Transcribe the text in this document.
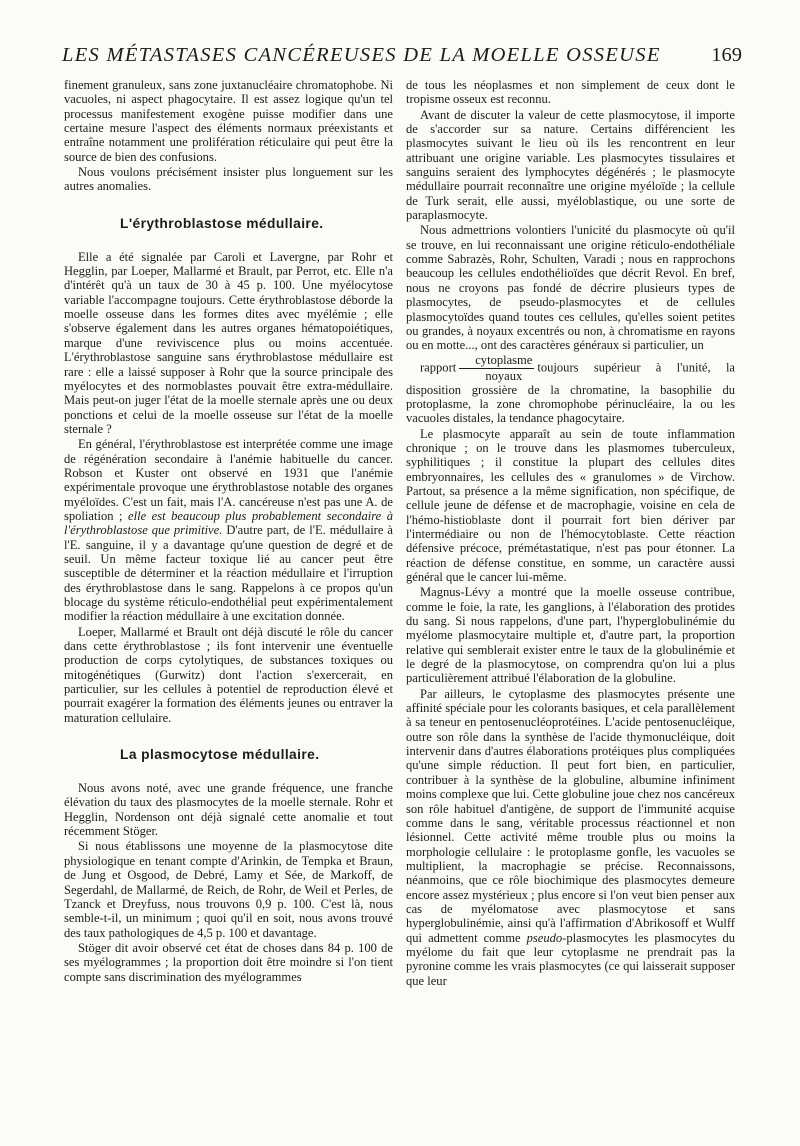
LES MÉTASTASES CANCÉREUSES DE LA MOELLE OSSEUSE 169

finement granuleux, sans zone juxtanucléaire chromatophobe. Ni vacuoles, ni aspect phagocytaire. Il est assez logique qu'un tel processus manifestement exogène puisse modifier dans une certaine mesure l'aspect des éléments normaux préexistants et entraîne notamment une prolifération réticulaire qui peut être la source de bien des confusions.

Nous voulons précisément insister plus longuement sur les autres anomalies.

L'érythroblastose médullaire.

Elle a été signalée par Caroli et Lavergne, par Rohr et Hegglin, par Loeper, Mallarmé et Brault, par Perrot, etc. Elle n'a d'intérêt qu'à un taux de 30 à 45 p. 100. Une myélocytose variable l'accompagne toujours. Cette érythroblastose déborde la moelle osseuse dans les formes dites avec myélémie ; elle s'observe également dans les autres organes hématopoiétiques, marque d'une reviviscence plus ou moins accentuée. L'érythroblastose sanguine sans érythroblastose médullaire est rare : elle a laissé supposer à Rohr que la source principale des myélocytes et des normoblastes pouvait être extra-médullaire. Mais peut-on juger l'état de la moelle sternale après une ou deux ponctions et celui de la moelle osseuse sur l'état de la moelle sternale ?

En général, l'érythroblastose est interprétée comme une image de régénération secondaire à l'anémie habituelle du cancer. Robson et Kuster ont observé en 1931 que l'anémie expérimentale provoque une érythroblastose notable des organes myéloïdes. C'est un fait, mais l'A. cancéreuse n'est pas une A. de spoliation ; elle est beaucoup plus probablement secondaire à l'érythroblastose que primitive. D'autre part, de l'E. médullaire à l'E. sanguine, il y a davantage qu'une question de degré et de seuil. Un même facteur toxique lié au cancer peut être susceptible de déterminer et la réaction médullaire et l'irruption des érythroblastose dans le sang. Rappelons à ce propos qu'un blocage du système réticulo-endothélial peut expérimentalement modifier la réaction médullaire à une excitation donnée.

Loeper, Mallarmé et Brault ont déjà discuté le rôle du cancer dans cette érythroblastose ; ils font intervenir une éventuelle production de corps cytolytiques, de substances toxiques ou mitogénétiques (Gurwitz) dont l'action s'exercerait, en particulier, sur les cellules à potentiel de reproduction élevé et pourrait exagérer la formation des éléments jeunes ou entraver la maturation cellulaire.

La plasmocytose médullaire.

Nous avons noté, avec une grande fréquence, une franche élévation du taux des plasmocytes de la moelle sternale. Rohr et Hegglin, Nordenson ont déjà signalé cette anomalie et tout récemment Stöger.

Si nous établissons une moyenne de la plasmocytose dite physiologique en tenant compte d'Arinkin, de Tempka et Braun, de Jung et Osgood, de Debré, Lamy et Sée, de Markoff, de Segerdahl, de Mallarmé, de Reich, de Rohr, de Weil et Perles, de Tzanck et Dreyfuss, nous trouvons 0,9 p. 100. C'est là, nous semble-t-il, un minimum ; quoi qu'il en soit, nous avons trouvé des taux pathologiques de 4,5 p. 100 et davantage.

Stöger dit avoir observé cet état de choses dans 84 p. 100 de ses myélogrammes ; la proportion doit être moindre si l'on tient compte sans discrimination des myélogrammes

de tous les néoplasmes et non simplement de ceux dont le tropisme osseux est reconnu.

Avant de discuter la valeur de cette plasmocytose, il importe de s'accorder sur sa nature. Certains différencient les plasmocytes suivant le lieu où ils les rencontrent en leur attribuant une origine variable. Les plasmocytes tissulaires et sanguins seraient des lymphocytes dégénérés ; le plasmocyte médullaire pourrait reconnaître une origine myéloïde ; la cellule de Turk serait, elle aussi, myéloblastique, ou une sorte de paraplasmocyte.

Nous admettrions volontiers l'unicité du plasmocyte où qu'il se trouve, en lui reconnaissant une origine réticulo-endothéliale comme Sabrazès, Rohr, Schulten, Varadi ; nous en rapprochons beaucoup les cellules endothélioïdes que décrit Revol. En bref, nous ne croyons pas fondé de décrire plusieurs types de plasmocytes, de pseudo-plasmocytes et de cellules plasmocytoïdes quand toutes ces cellules, qu'elles soient petites ou grandes, à noyaux excentrés ou non, à chromatisme en rayons ou en motte..., ont des caractères généraux si particulier, un

rapport $\frac{\text{cytoplasme}}{\text{noyaux}}$ toujours supérieur à l'unité, la disposition grossière de la chromatine, la basophilie du protoplasme, la zone chromophobe périnucléaire, la ou les vacuoles distales, la tendance phagocytaire.

Le plasmocyte apparaît au sein de toute inflammation chronique ; on le trouve dans les plasmomes tuberculeux, syphilitiques ; il constitue la plupart des cellules dites embryonnaires, les cellules des « granulomes » de Virchow. Partout, sa présence a la même signification, non spécifique, de cellule jeune de défense et de macrophagie, voisine en cela de l'hémo-histioblaste dont il pourrait fort bien dériver par l'intermédiaire ou non de l'hémocytoblaste. Cette réaction défensive précoce, prémétastatique, n'est pas pour étonner. La réaction de défense constitue, en somme, un caractère aussi général que le cancer lui-même.

Magnus-Lévy a montré que la moelle osseuse contribue, comme le foie, la rate, les ganglions, à l'élaboration des protides du sang. Si nous rappelons, d'une part, l'hyperglobulinémie du myélome plasmocytaire multiple et, d'autre part, la proportion relative qui semblerait exister entre le taux de la globulinémie et le degré de la plasmocytose, on comprendra qu'on lui a plus particulièrement attribué l'élaboration de la globuline.

Par ailleurs, le cytoplasme des plasmocytes présente une affinité spéciale pour les colorants basiques, et cela parallèlement à sa teneur en pentosenucléoprotéines. L'acide pentosenucléique, outre son rôle dans la synthèse de l'acide thymonucléique, doit intervenir dans d'autres élaborations protéiques plus compliquées qu'une simple réduction. Il peut fort bien, en particulier, contribuer à la synthèse de la globuline, albumine infiniment moins complexe que lui. Cette globuline joue chez nos cancéreux son rôle habituel d'antigène, de support de l'immunité acquise comme dans le sang, véritable processus réactionnel et non lésionnel. Cette activité même trouble plus ou moins la morphologie cellulaire : le protoplasme gonfle, les vacuoles se multiplient, la macrophagie se précise. Reconnaissons, néanmoins, que ce rôle biochimique des plasmocytes demeure encore assez mystérieux ; plus encore si l'on veut bien penser aux cas de myélomatose avec plasmocytose et sans hyperglobulinémie, ainsi qu'à l'affirmation d'Abrikosoff et Wulff qui admettent comme pseudo-plasmocytes les plasmocytes du myélome du fait que leur cytoplasme ne prendrait pas la pyronine comme les vrais plasmocytes (ce qui laisserait supposer que leur
